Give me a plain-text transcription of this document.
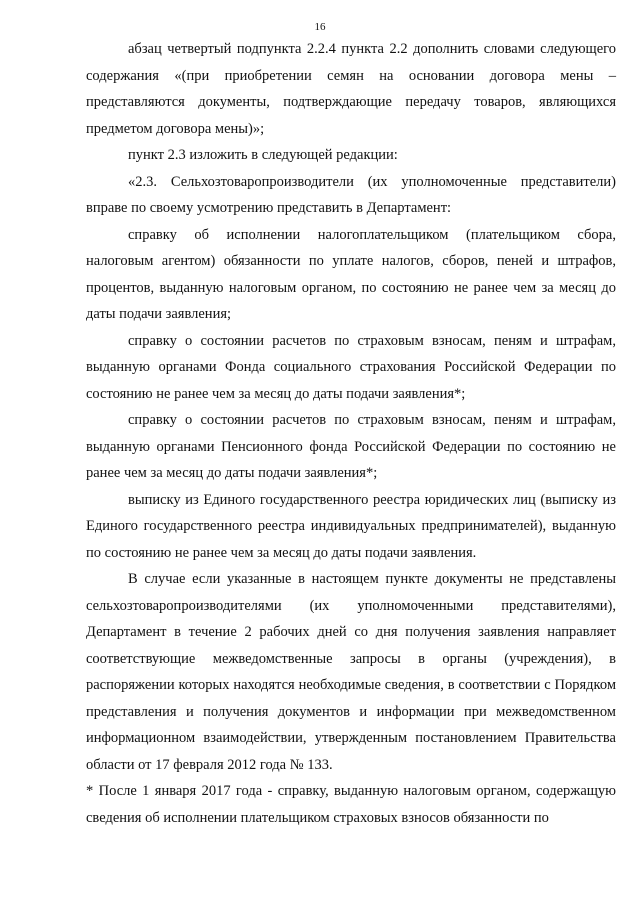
16

абзац четвертый подпункта 2.2.4 пункта 2.2 дополнить словами следующего содержания «(при приобретении семян на основании договора мены – представляются документы, подтверждающие передачу товаров, являющихся предметом договора мены)»;

пункт 2.3 изложить в следующей редакции:

«2.3. Сельхозтоваропроизводители (их уполномоченные представители) вправе по своему усмотрению представить в Департамент:

справку об исполнении налогоплательщиком (плательщиком сбора, налоговым агентом) обязанности по уплате налогов, сборов, пеней и штрафов, процентов, выданную налоговым органом, по состоянию не ранее чем за месяц до даты подачи заявления;

справку о состоянии расчетов по страховым взносам, пеням и штрафам, выданную органами Фонда социального страхования Российской Федерации по состоянию не ранее чем за месяц до даты подачи заявления*;

справку о состоянии расчетов по страховым взносам, пеням и штрафам, выданную органами Пенсионного фонда Российской Федерации по состоянию не ранее чем за месяц до даты подачи заявления*;

выписку из Единого государственного реестра юридических лиц (выписку из Единого государственного реестра индивидуальных предпринимателей), выданную по состоянию не ранее чем за месяц до даты подачи заявления.

В случае если указанные в настоящем пункте документы не представлены сельхозтоваропроизводителями (их уполномоченными представителями), Департамент в течение 2 рабочих дней со дня получения заявления направляет соответствующие межведомственные запросы в органы (учреждения), в распоряжении которых находятся необходимые сведения, в соответствии с Порядком представления и получения документов и информации при межведомственном информационном взаимодействии, утвержденным постановлением Правительства области от 17 февраля 2012 года № 133.

* После 1 января 2017 года - справку, выданную налоговым органом, содержащую сведения об исполнении плательщиком страховых взносов обязанности по
